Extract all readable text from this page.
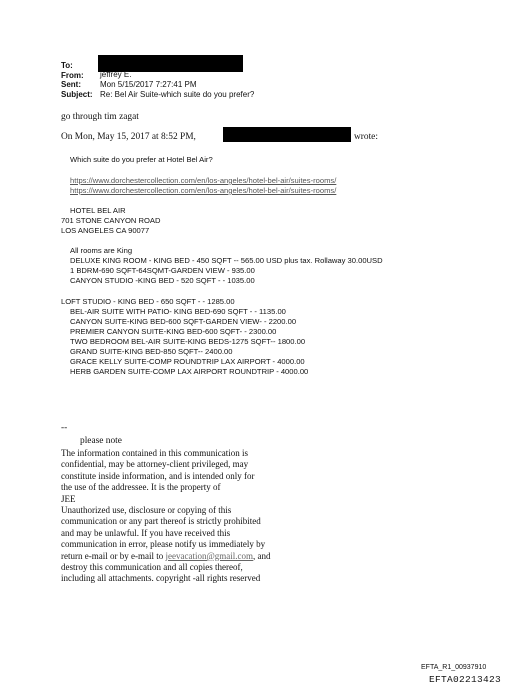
To:
From: jeffrey E.
Sent: Mon 5/15/2017 7:27:41 PM
Subject: Re: Bel Air Suite-which suite do you prefer?
go through tim zagat
On Mon, May 15, 2017 at 8:52 PM,	wrote:
Which suite do you prefer at Hotel Bel Air?
https://www.dorchestercollection.com/en/los-angeles/hotel-bel-air/suites-rooms/
https://www.dorchestercollection.com/en/los-angeles/hotel-bel-air/suites-rooms/
HOTEL BEL AIR
701 STONE CANYON ROAD
LOS ANGELES CA 90077
All rooms are King
DELUXE KING ROOM - KING BED - 450 SQFT -- 565.00 USD plus tax. Rollaway 30.00USD
1 BDRM-690 SQFT-64SQMT-GARDEN VIEW - 935.00
CANYON STUDIO -KING BED - 520 SQFT - - 1035.00
LOFT STUDIO - KING BED - 650 SQFT - - 1285.00
BEL-AIR SUITE WITH PATIO- KING BED-690 SQFT - - 1135.00
CANYON SUITE-KING BED-600 SQFT-GARDEN VIEW- - 2200.00
PREMIER CANYON SUITE-KING BED-600 SQFT- - 2300.00
TWO BEDROOM BEL-AIR SUITE-KING BEDS-1275 SQFT-- 1800.00
GRAND SUITE-KING BED-850 SQFT-- 2400.00
GRACE KELLY SUITE-COMP ROUNDTRIP LAX AIRPORT - 4000.00
HERB GARDEN SUITE-COMP LAX AIRPORT ROUNDTRIP - 4000.00
--
please note
The information contained in this communication is
confidential, may be attorney-client privileged, may
constitute inside information, and is intended only for
the use of the addressee. It is the property of
JEE
Unauthorized use, disclosure or copying of this
communication or any part thereof is strictly prohibited
and may be unlawful. If you have received this
communication in error, please notify us immediately by
return e-mail or by e-mail to jeevacation@gmail.com, and
destroy this communication and all copies thereof,
including all attachments. copyright -all rights reserved
EFTA_R1_00937910
EFTA02213423
